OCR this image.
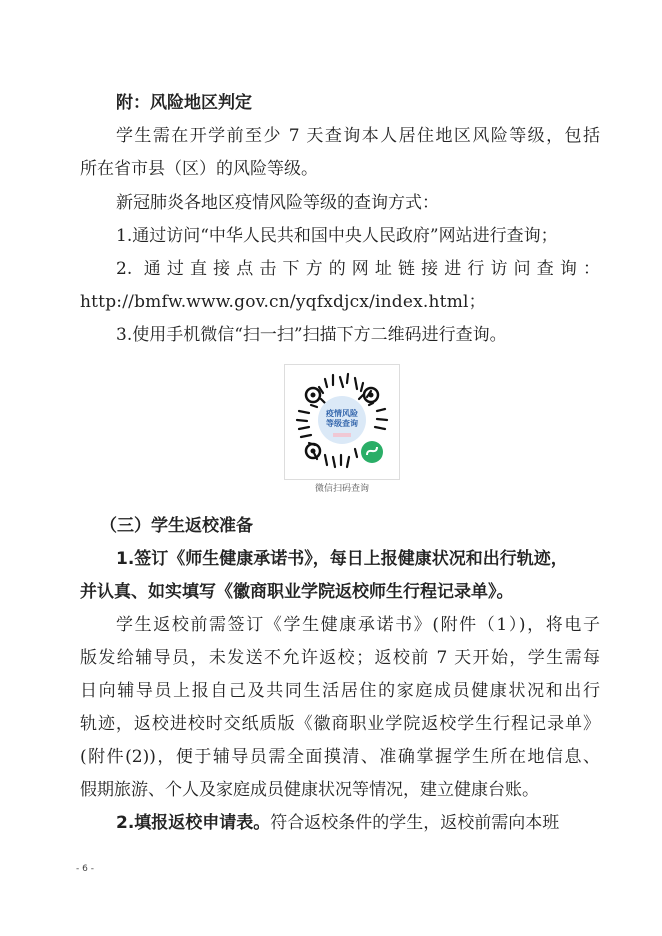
附：风险地区判定
学生需在开学前至少 7 天查询本人居住地区风险等级，包括
所在省市县（区）的风险等级。
新冠肺炎各地区疫情风险等级的查询方式：
1.通过访问“中华人民共和国中央人民政府”网站进行查询；
2. 通过直接点击下方的网址链接进行访问查询：
http://bmfw.www.gov.cn/yqfxdjcx/index.html；
3.使用手机微信“扫一扫”扫描下方二维码进行查询。
疫情风险
等级查询
微信扫码查询
（三）学生返校准备
1.签订《师生健康承诺书》，每日上报健康状况和出行轨迹，
并认真、如实填写《徽商职业学院返校师生行程记录单》。
学生返校前需签订《学生健康承诺书》(附件（1）)，将电子
版发给辅导员，未发送不允许返校；返校前 7 天开始，学生需每
日向辅导员上报自己及共同生活居住的家庭成员健康状况和出行
轨迹，返校进校时交纸质版《徽商职业学院返校学生行程记录单》
(附件(2))，便于辅导员需全面摸清、准确掌握学生所在地信息、
假期旅游、个人及家庭成员健康状况等情况，建立健康台账。
2.填报返校申请表。符合返校条件的学生，返校前需向本班
- 6 -
